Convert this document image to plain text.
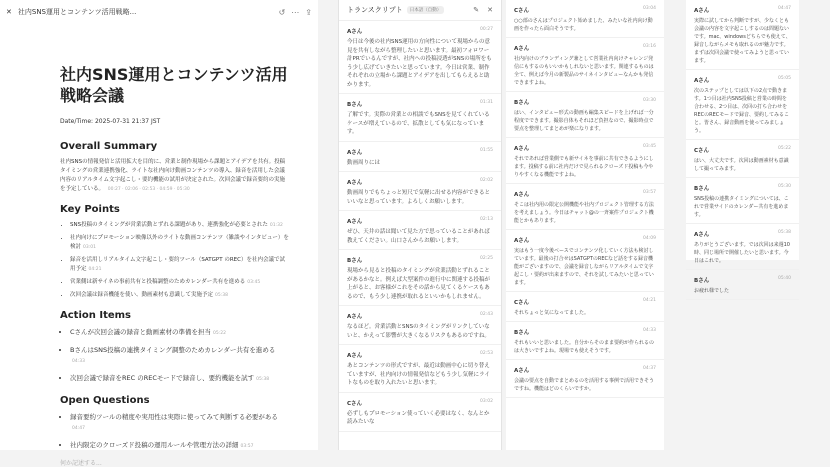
✕ 社内SNS運用とコンテンツ活用戦略...	↺ ⋯ ⇪
社内SNS運用とコンテンツ活用戦略会議
Date/Time: 2025-07-31 21:37 JST
Overall Summary
社内SNSの情報発信と活用拡大を目的に、営業と制作現場から課題とアイデアを共有。投稿タイミングの営業連携強化、ライトな社内向け動画コンテンツの導入、録音を活用した会議内容のリアルタイム文字起こし・要約機能の試用が決定された。次回会議で録音要約の実施を予定している。 00:27 · 02:06 · 02:53 · 04:59 · 05:30
Key Points
• SNS投稿のタイミングが営業活動とずれる課題があり、連携強化が必要とされた 01:32
• 社内向けにプロモーション映像以外のライトな動画コンテンツ（雑談やインタビュー）を検討 03:01
• 録音を活用しリアルタイム文字起こし・要約ツール（SATGPT のREC）を社内会議で試用予定 04:21
• 営業側は新サイネの事前共有と投稿調整のためカレンダー共有を進める 03:45
• 次回会議は録音機能を使い、動画素材も意識して実施予定 05:38
Action Items
• Cさんが次回会議の録音と動画素材の準備を担当 05:22
• BさんはSNS投稿の連携タイミング調整のためカレンダー共有を進める04:33
• 次回会議で録音をREC のRECモードで録音し、要約機能を試す 05:38
Open Questions
• 録音要約ツールの精度や実用性は実際に使ってみて判断する必要がある04:47
• 社内限定のクローズド投稿の運用ルールや管理方法の詳細 03:57
何か記述する...
トランスクリプト	日本語（自動）	✎ ✕
Aさん	00:27
今日は今後の社内SNS運用の方向性について現場からの意見を共有しながら整理したいと思います。最初フォロワー計PRでいるんですが、社内への投稿浸透がSNSの場所をもう少し広げていきたいと思っています。今日は営業、制作それぞれの立場から課題とアイデアを出してもらえると助かります。
Bさん	01:31
了解です。実際の営業との相談でもSNSを見てくれているケースが増えているので、拡散としても気になっています。
Aさん	01:55
動画周りには
Aさん	02:02
動画周りでもちょっと短尺で気軽に出せる内容ができるといいなと思っています。よろしくお願いします。
Aさん	02:13
ぜひ、天井の話は聞いて見た方で思っていることがあれば教えてください。山口さんからお願いします。
Bさん	02:25
現場から見ると投稿のタイミングが営業活動とずれることがあるかなと。例えば大型案件の進行中に関連する投稿が上がると、お客様がこれをその話から見てくるケースもあるので、もう少し連携が取れるといいかもしれません。
Aさん	02:43
なるほど。営業活動とSNSのタイミングがリンクしていないと、かえって影響が大きくなるリスクもあるのですね。
Aさん	02:53
あとコンテンツの形式ですが、最近は動画中心に切り替えていますが、社内向けの情報発信などもう少し気軽にライトなものを取り入れたいと思います。
Cさん	03:02
必ずしもプロモーション使っていく必要はなく、なんとか読みたいな
Cさん	03:04
○○部のさんはプロジェクト始めました、みたいな社内向け動画を作ったら面白そうです。
Aさん	03:16
社内向けのブランディング兼として営業社内向けチャレンジ発信にもするのもいいかもしれないと思います。関連するものは全て、例えば今月の新製品のサイネインタビューなんかも発信できますよね。
Bさん	03:30
はい、インタビュー形式の動画も編集スピードを上げれば一分程度でできます。撮影自体もそれほど負担なので、撮影時点で要点を整理してまとめが楽になります。
Aさん	03:45
それであれば営業側でも新サイネを事前に共有できるようにします。投稿する前に社内だけで見られるクローズド投稿も今やりやすくなる機能ですよね。
Aさん	03:57
そこは社内用の限定公開機能や社内プロジェクト管理する方法を考えましょう。今日はチャット@の一斉案件プロジェクト機能とかもあります。
Aさん	04:09
実はもう一度今後ベースでコンテンツ化していく方法も検討しています。最後の打合せはSATGPTのRECなど話をする録音機能がございますので、会議を録音しながらリアルタイムで文字起こし・要約が出来ますので、それを試してみたいと思っています。
Cさん	04:21
それちょっと気になってました。
Bさん	04:33
それもいいと思いました。自分からそのまま要約が作られるのは大きいですよね。現場でも使えそうです。
Aさん	04:37
会議の要点を自動でまとめるのを活用する事例で活用できそうですね。機能はどのくらいですか。
Aさん	04:47
実際に試してから判断ですが、少なくとも会議の内容を文字起こしするのは問題ないです。mac、windowsどちらでも使えて、録音しながらメモも取れるのが魅力です。まずは次回会議で使ってみようと思っています。
Aさん	05:05
次のステップとしては以下の2点で動きます。1つ目は社内SNS投稿と営業の時間を合わせる、2つ目は、次回の打ち合わせをRECのRECモードで録音、要約してみること。皆さん、録音動画を使ってみましょう。
Cさん	05:22
はい、大丈夫です。次回は動画素材も意識して撮ってみます。
Bさん	05:30
SNS投稿の連携タイミングについては、これで営業サイドのカレンダー共有を進めます。
Aさん	05:38
ありがとうございます。では次回は来週10時、同じ場所で開催したいと思います。今日はこれで。
Bさん	05:40
お疲れ様でした
